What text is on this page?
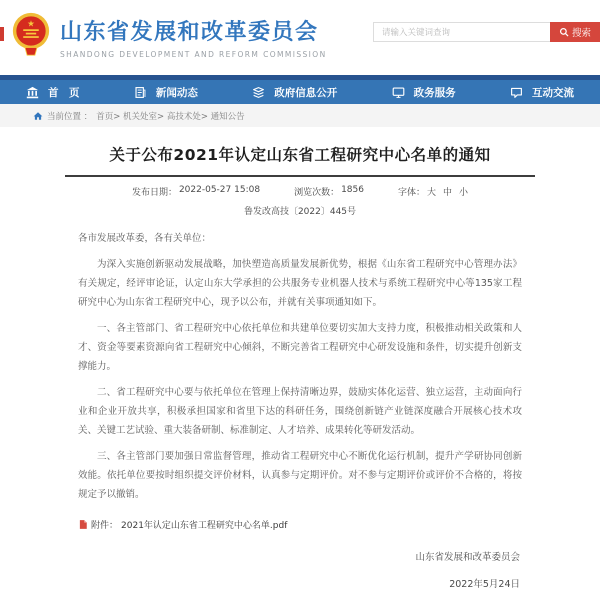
★ 山东省发展和改革委员会
SHANDONG DEVELOPMENT AND REFORM COMMISSION
请输入关键词查询
搜索
首　页	新闻动态	政府信息公开	政务服务	互动交流
当前位置 ： 首页> 机关处室> 高技术处> 通知公告
关于公布2021年认定山东省工程研究中心名单的通知
发布日期： 2022-05-27 15:08	浏览次数： 1856	字体： 大 中 小
鲁发改高技〔2022〕445号

各市发展改革委，各有关单位：

为深入实施创新驱动发展战略，加快塑造高质量发展新优势，根据《山东省工程研究中心管理办法》有关规定，经评审论证，认定山东大学承担的公共服务专业机器人技术与系统工程研究中心等135家工程研究中心为山东省工程研究中心，现予以公布，并就有关事项通知如下。

一、各主管部门、省工程研究中心依托单位和共建单位要切实加大支持力度，积极推动相关政策和人才、资金等要素资源向省工程研究中心倾斜，不断完善省工程研究中心研发设施和条件，切实提升创新支撑能力。

二、省工程研究中心要与依托单位在管理上保持清晰边界，鼓励实体化运营、独立运营，主动面向行业和企业开放共享，积极承担国家和省里下达的科研任务，围绕创新链产业链深度融合开展核心技术攻关、关键工艺试验、重大装备研制、标准制定、人才培养、成果转化等研发活动。

三、各主管部门要加强日常监督管理，推动省工程研究中心不断优化运行机制，提升产学研协同创新效能。依托单位要按时组织提交评价材料，认真参与定期评价。对不参与定期评价或评价不合格的，将按规定予以撤销。

附件： 2021年认定山东省工程研究中心名单.pdf
山东省发展和改革委员会
2022年5月24日
